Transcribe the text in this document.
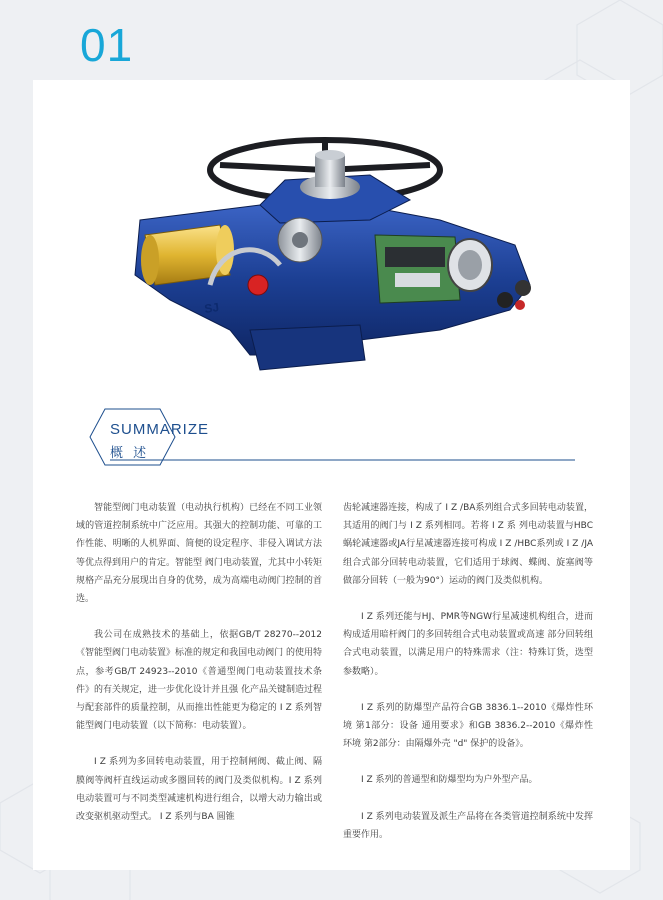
01
SJ
SUMMARIZE
概 述

智能型阀门电动装置（电动执行机构）已经在不同工业领域的管道控制系统中广泛应用。其强大的控制功能、可靠的工作性能、明晰的人机界面、简便的设定程序、非侵入调试方法等优点得到用户的肯定。智能型 阀门电动装置，尤其中小转矩规格产品充分展现出自身的优势，成为高端电动阀门控制的首选。

我公司在成熟技术的基础上，依据GB/T 28270--2012《智能型阀门电动装置》标准的规定和我国电动阀门 的使用特点，参考GB/T 24923--2010《普通型阀门电动装置技术条件》的有关规定，进一步优化设计并且强 化产品关键制造过程与配套部件的质量控制，从而推出性能更为稳定的 I Z 系列智能型阀门电动装置（以下简称：电动装置）。

I Z 系列为多回转电动装置，用于控制闸阀、截止阀、隔膜阀等阀杆直线运动或多圈回转的阀门及类似机构。I Z 系列电动装置可与不同类型减速机构进行组合，以增大动力输出或改变驱机驱动型式。 I Z 系列与BA 圆锥

齿轮减速器连接，构成了 I Z /BA系列组合式多回转电动装置，其适用的阀门与 I Z 系列相同。若将 I Z 系 列电动装置与HBC蜗轮减速器或JA行星减速器连接可构成 I Z /HBC系列或 I Z /JA组合式部分回转电动装置，它们适用于球阀、蝶阀、旋塞阀等做部分回转（一般为90°）运动的阀门及类似机构。

I Z 系列还能与HJ、PMR等NGW行星减速机构组合，进而构成适用暗杆阀门的多回转组合式电动装置或高速 部分回转组合式电动装置，以满足用户的特殊需求（注：特殊订货，选型参数略）。

I Z 系列的防爆型产品符合GB 3836.1--2010《爆炸性环境 第1部分：设备 通用要求》和GB 3836.2--2010《爆炸性环境 第2部分：由隔爆外壳 "d" 保护的设备》。

I Z 系列的普通型和防爆型均为户外型产品。

I Z 系列电动装置及派生产品将在各类管道控制系统中发挥重要作用。
